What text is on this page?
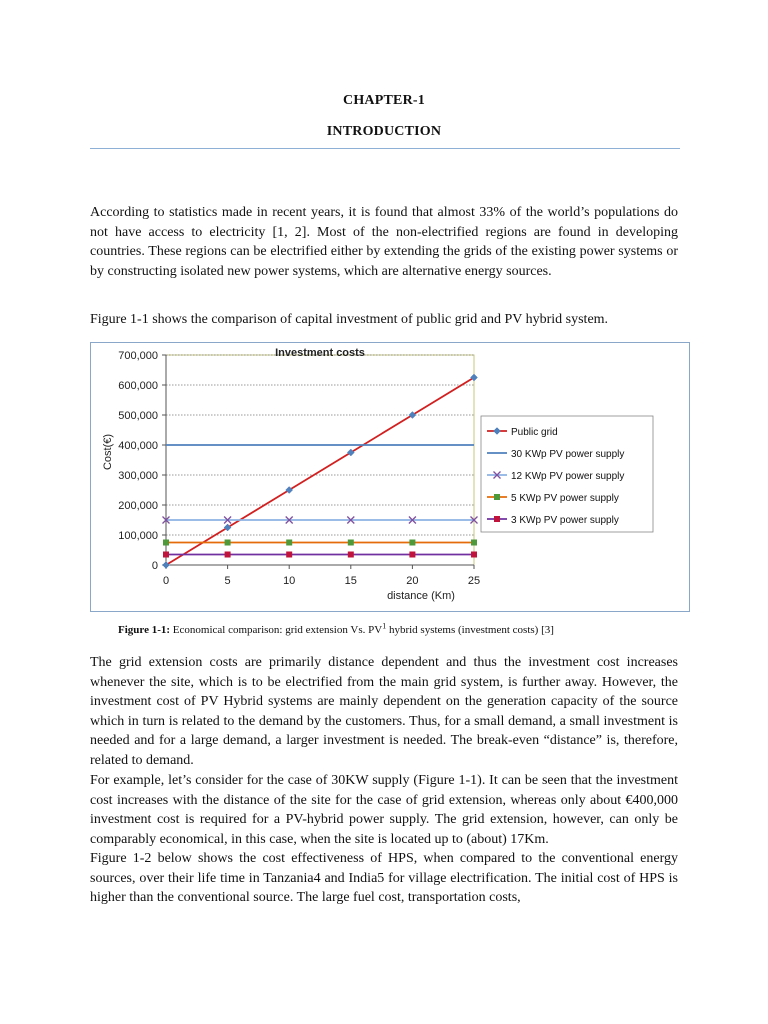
CHAPTER-1
INTRODUCTION

According to statistics made in recent years, it is found that almost 33% of the world’s populations do not have access to electricity [1, 2]. Most of the non-electrified regions are found in developing countries. These regions can be electrified either by extending the grids of the existing power systems or by constructing isolated new power systems, which are alternative energy sources.

Figure 1-1 shows the comparison of capital investment of public grid and PV hybrid system.

0
100,000
200,000
300,000
400,000
500,000
600,000
700,000
0	5	10	15	20	25
Investment costs
distance (Km)
Cost(€)
Public grid
30 KWp PV power supply
12 KWp PV power supply
5 KWp PV power supply
3 KWp PV power supply
Figure 1-1: Economical comparison: grid extension Vs. $PV^1$ hybrid systems (investment costs) [3]

The grid extension costs are primarily distance dependent and thus the investment cost increases whenever the site, which is to be electrified from the main grid system, is further away. However, the investment cost of PV Hybrid systems are mainly dependent on the generation capacity of the source which in turn is related to the demand by the customers. Thus, for a small demand, a small investment is needed and for a large demand, a larger investment is needed. The break-even “distance” is, therefore, related to demand.

For example, let’s consider for the case of 30KW supply (Figure 1-1). It can be seen that the investment cost increases with the distance of the site for the case of grid extension, whereas only about €400,000 investment cost is required for a PV-hybrid power supply. The grid extension, however, can only be comparably economical, in this case, when the site is located up to (about) 17Km.

Figure 1-2 below shows the cost effectiveness of HPS, when compared to the conventional energy sources, over their life time in Tanzania4 and India5 for village electrification. The initial cost of HPS is higher than the conventional source. The large fuel cost, transportation costs,
